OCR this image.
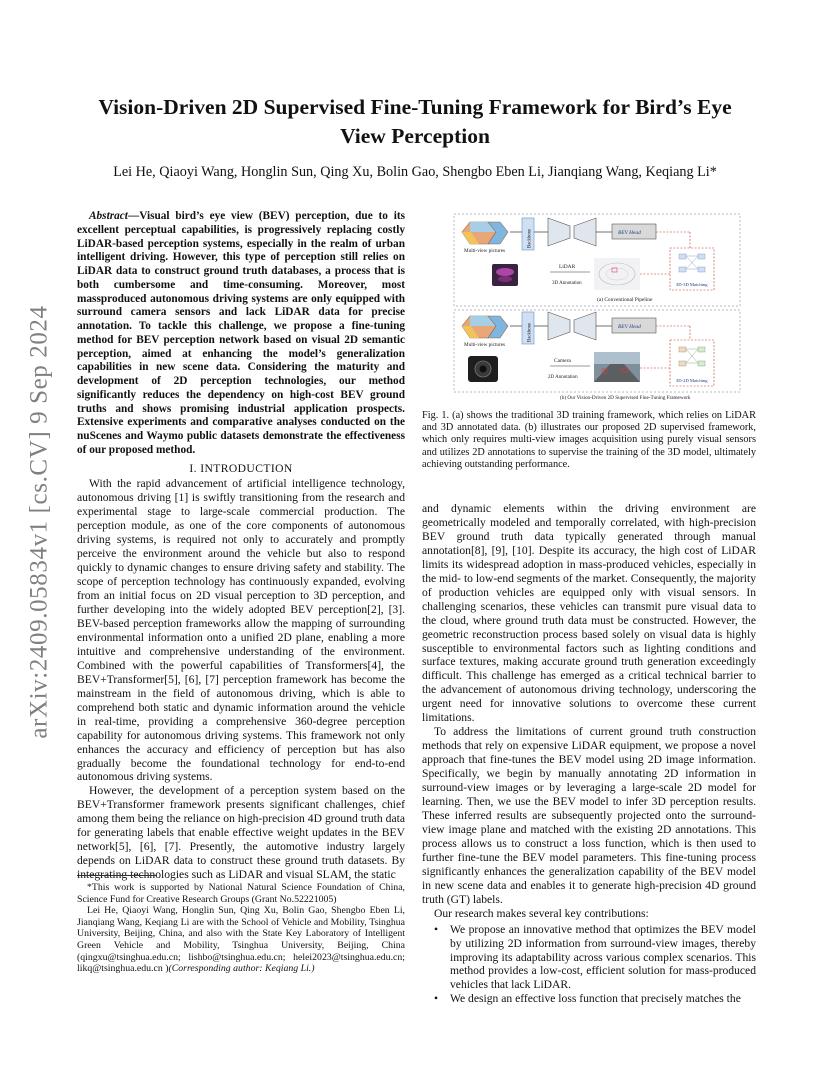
arXiv:2409.05834v1 [cs.CV] 9 Sep 2024
Vision-Driven 2D Supervised Fine-Tuning Framework for Bird’s Eye View Perception
Lei He, Qiaoyi Wang, Honglin Sun, Qing Xu, Bolin Gao, Shengbo Eben Li, Jianqiang Wang, Keqiang Li*

Abstract—Visual bird’s eye view (BEV) perception, due to its excellent perceptual capabilities, is progressively replacing costly LiDAR-based perception systems, especially in the realm of urban intelligent driving. However, this type of perception still relies on LiDAR data to construct ground truth databases, a process that is both cumbersome and time-consuming. Moreover, most massproduced autonomous driving systems are only equipped with surround camera sensors and lack LiDAR data for precise annotation. To tackle this challenge, we propose a fine-tuning method for BEV perception network based on visual 2D semantic perception, aimed at enhancing the model’s generalization capabilities in new scene data. Considering the maturity and development of 2D perception technologies, our method significantly reduces the dependency on high-cost BEV ground truths and shows promising industrial application prospects. Extensive experiments and comparative analyses conducted on the nuScenes and Waymo public datasets demonstrate the effectiveness of our proposed method.

I. INTRODUCTION

With the rapid advancement of artificial intelligence technology, autonomous driving [1] is swiftly transitioning from the research and experimental stage to large-scale commercial production. The perception module, as one of the core components of autonomous driving systems, is required not only to accurately and promptly perceive the environment around the vehicle but also to respond quickly to dynamic changes to ensure driving safety and stability. The scope of perception technology has continuously expanded, evolving from an initial focus on 2D visual perception to 3D perception, and further developing into the widely adopted BEV perception[2], [3]. BEV-based perception frameworks allow the mapping of surrounding environmental information onto a unified 2D plane, enabling a more intuitive and comprehensive understanding of the environment. Combined with the powerful capabilities of Transformers[4], the BEV+Transformer[5], [6], [7] perception framework has become the mainstream in the field of autonomous driving, which is able to comprehend both static and dynamic information around the vehicle in real-time, providing a comprehensive 360-degree perception capability for autonomous driving systems. This framework not only enhances the accuracy and efficiency of perception but has also gradually become the foundational technology for end-to-end autonomous driving systems.

However, the development of a perception system based on the BEV+Transformer framework presents significant challenges, chief among them being the reliance on high-precision 4D ground truth data for generating labels that enable effective weight updates in the BEV network[5], [6], [7]. Presently, the automotive industry largely depends on LiDAR data to construct these ground truth datasets. By integrating technologies such as LiDAR and visual SLAM, the static

*This work is supported by National Natural Science Foundation of China, Science Fund for Creative Research Groups (Grant No.52221005)

Lei He, Qiaoyi Wang, Honglin Sun, Qing Xu, Bolin Gao, Shengbo Eben Li, Jianqiang Wang, Keqiang Li are with the School of Vehicle and Mobility, Tsinghua University, Beijing, China, and also with the State Key Laboratory of Intelligent Green Vehicle and Mobility, Tsinghua University, Beijing, China (qingxu@tsinghua.edu.cn; lishbo@tsinghua.edu.cn; helei2023@tsinghua.edu.cn; likq@tsinghua.edu.cn )(Corresponding author: Keqiang Li.)

Multi-view pictures
Backbone	BEV Head
3D-3D Matching
LiDAR
3D Annotation
(a) Conventional Pipeline
Multi-view pictures
Backbone	BEV Head
3D-2D Matching
Camera
2D Annotation
(b) Our Vision-Driven 2D Supervised Fine-Tuning Framework
Fig. 1. (a) shows the traditional 3D training framework, which relies on LiDAR and 3D annotated data. (b) illustrates our proposed 2D supervised framework, which only requires multi-view images acquisition using purely visual sensors and utilizes 2D annotations to supervise the training of the 3D model, ultimately achieving outstanding performance.

and dynamic elements within the driving environment are geometrically modeled and temporally correlated, with high-precision BEV ground truth data typically generated through manual annotation[8], [9], [10]. Despite its accuracy, the high cost of LiDAR limits its widespread adoption in mass-produced vehicles, especially in the mid- to low-end segments of the market. Consequently, the majority of production vehicles are equipped only with visual sensors. In challenging scenarios, these vehicles can transmit pure visual data to the cloud, where ground truth data must be constructed. However, the geometric reconstruction process based solely on visual data is highly susceptible to environmental factors such as lighting conditions and surface textures, making accurate ground truth generation exceedingly difficult. This challenge has emerged as a critical technical barrier to the advancement of autonomous driving technology, underscoring the urgent need for innovative solutions to overcome these current limitations.

To address the limitations of current ground truth construction methods that rely on expensive LiDAR equipment, we propose a novel approach that fine-tunes the BEV model using 2D image information. Specifically, we begin by manually annotating 2D information in surround-view images or by leveraging a large-scale 2D model for learning. Then, we use the BEV model to infer 3D perception results. These inferred results are subsequently projected onto the surround-view image plane and matched with the existing 2D annotations. This process allows us to construct a loss function, which is then used to further fine-tune the BEV model parameters. This fine-tuning process significantly enhances the generalization capability of the BEV model in new scene data and enables it to generate high-precision 4D ground truth (GT) labels.

Our research makes several key contributions:

• We propose an innovative method that optimizes the BEV model by utilizing 2D information from surround-view images, thereby improving its adaptability across various complex scenarios. This method provides a low-cost, efficient solution for mass-produced vehicles that lack LiDAR.
• We design an effective loss function that precisely matches the
